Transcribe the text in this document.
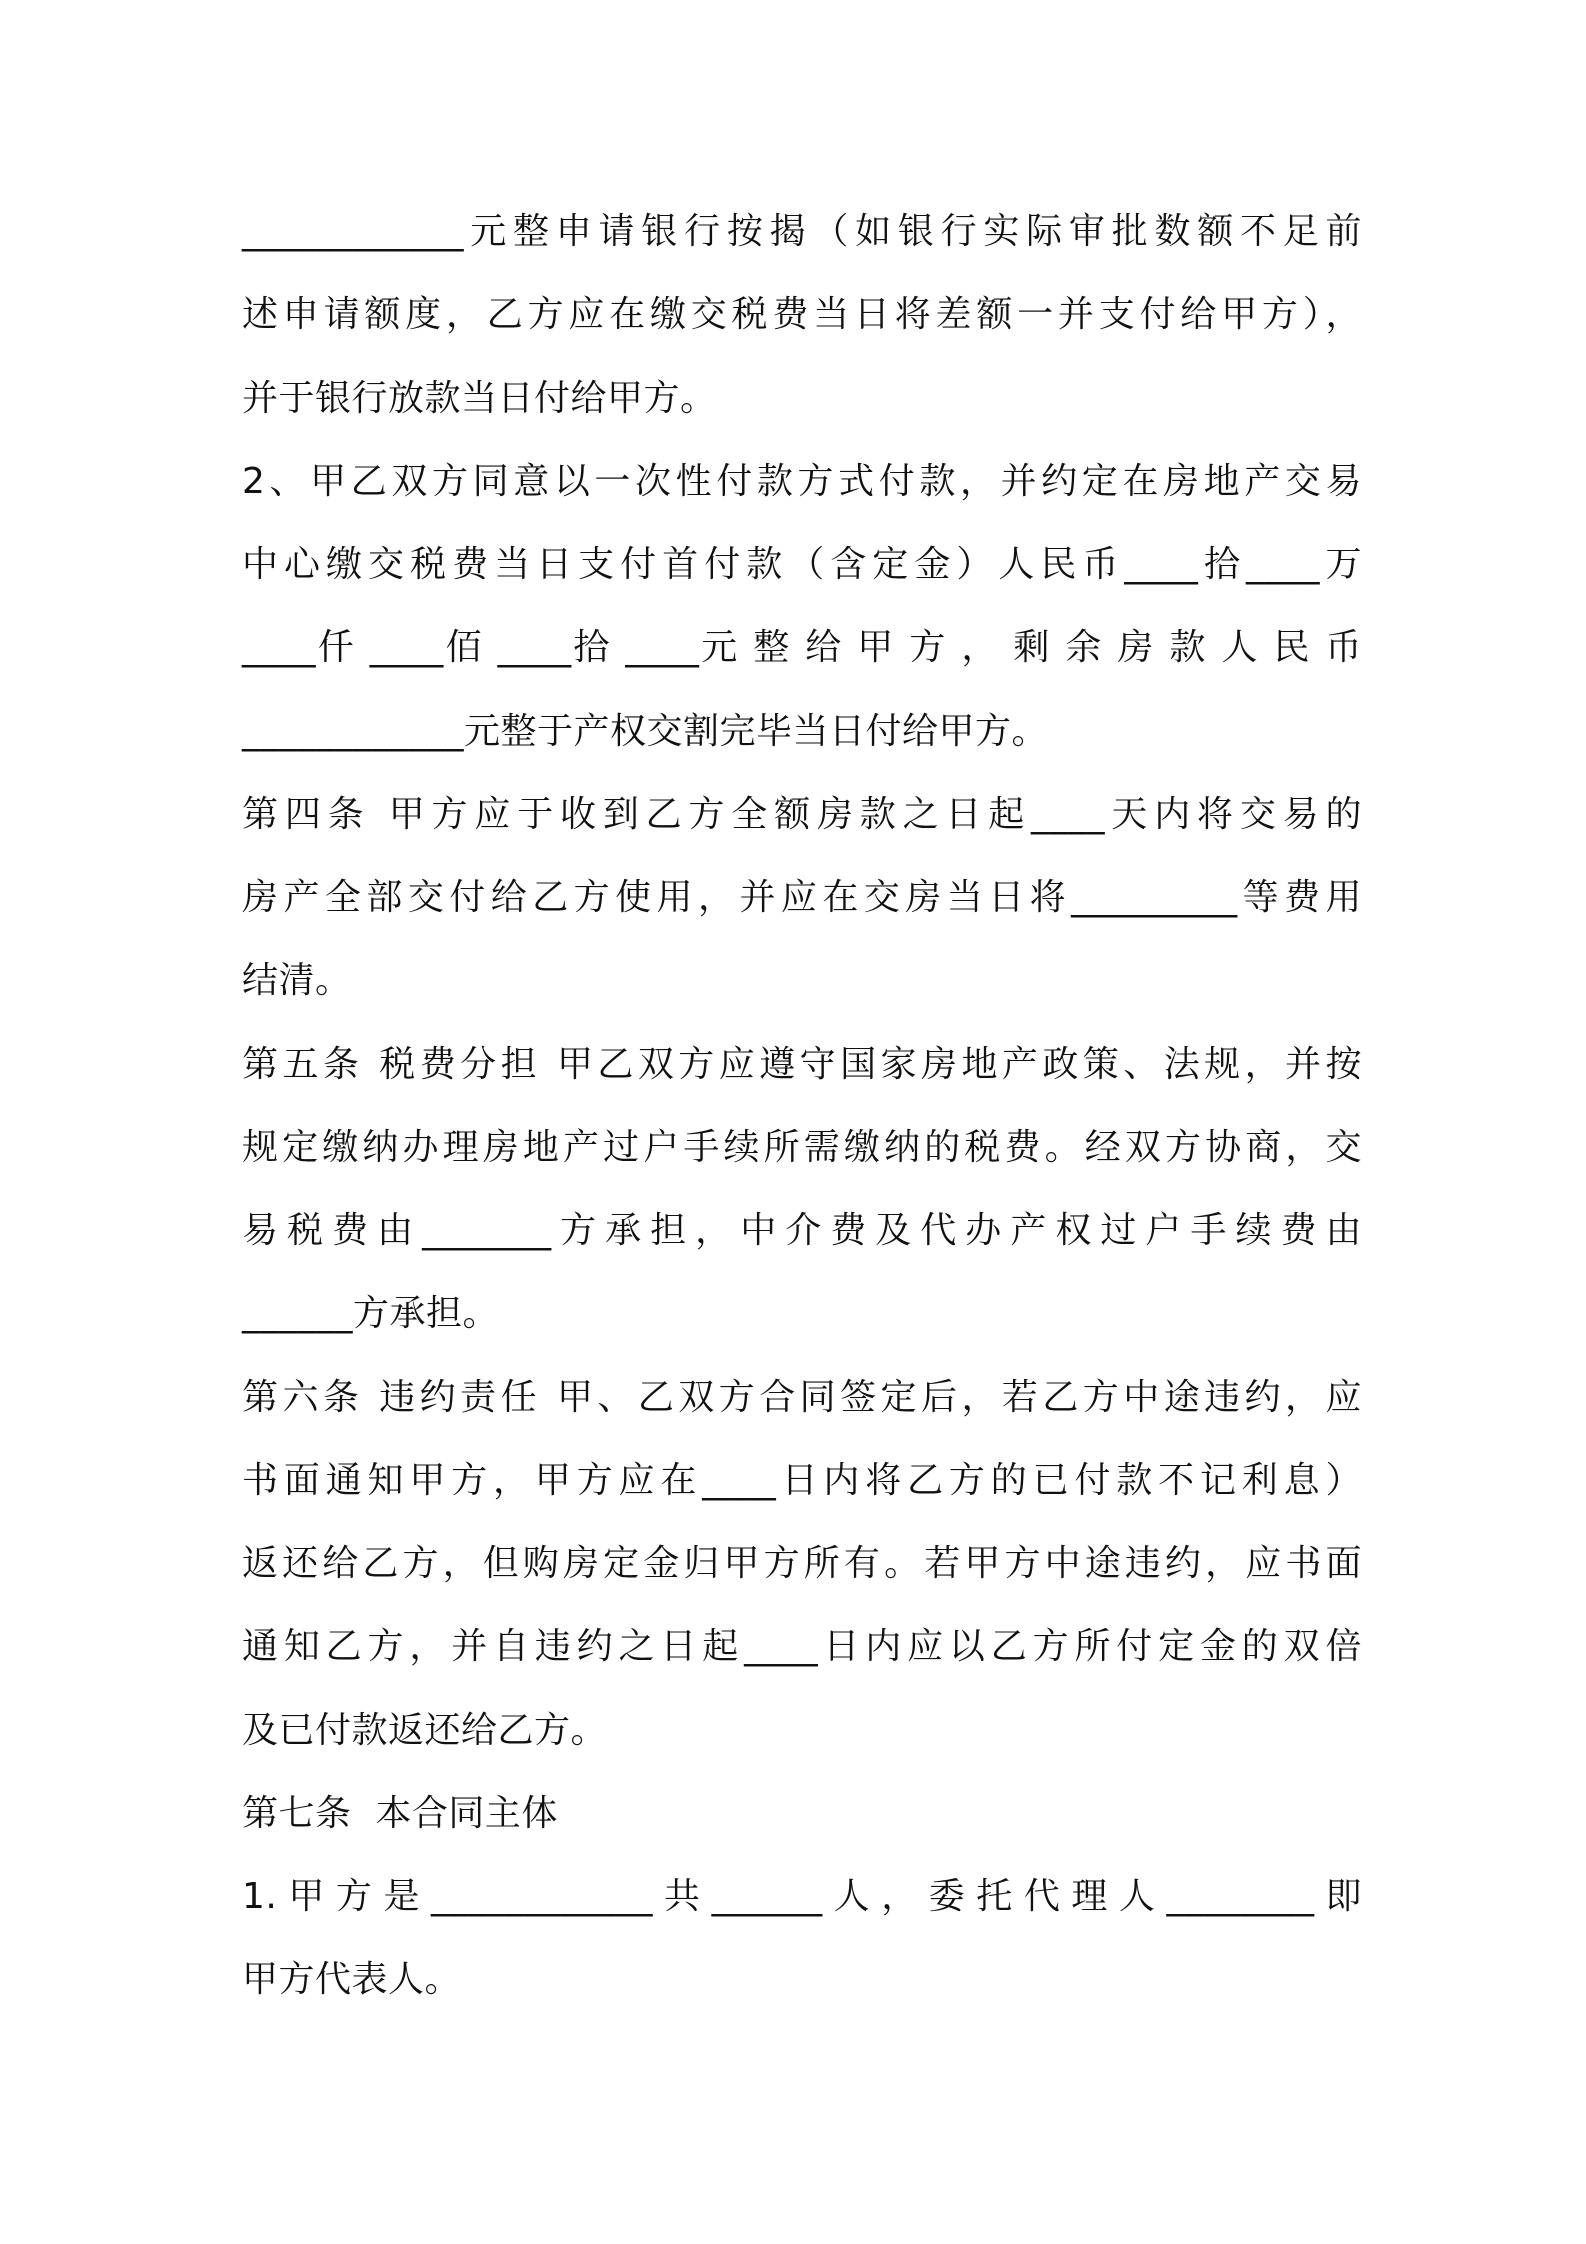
____________元整申请银行按揭（如银行实际审批数额不足前
述申请额度，乙方应在缴交税费当日将差额一并支付给甲方），
并于银行放款当日付给甲方。
2、甲乙双方同意以一次性付款方式付款，并约定在房地产交易
中心缴交税费当日支付首付款（含定金）人民币____拾____万
____仟 ____佰 ____拾 ____元 整 给 甲 方 ， 剩 余 房 款 人 民 币
____________元整于产权交割完毕当日付给甲方。
第四条 甲方应于收到乙方全额房款之日起____天内将交易的
房产全部交付给乙方使用，并应在交房当日将_________等费用
结清。
第五条 税费分担 甲乙双方应遵守国家房地产政策、法规，并按
规定缴纳办理房地产过户手续所需缴纳的税费。经双方协商，交
易税费由_______方承担，中介费及代办产权过户手续费由
______方承担。
第六条 违约责任 甲、乙双方合同签定后，若乙方中途违约，应
书面通知甲方，甲方应在____日内将乙方的已付款不记利息）
返还给乙方，但购房定金归甲方所有。若甲方中途违约，应书面
通知乙方，并自违约之日起____日内应以乙方所付定金的双倍
及已付款返还给乙方。
第七条  本合同主体
1.甲方是____________共______人，委托代理人________即
甲方代表人。
